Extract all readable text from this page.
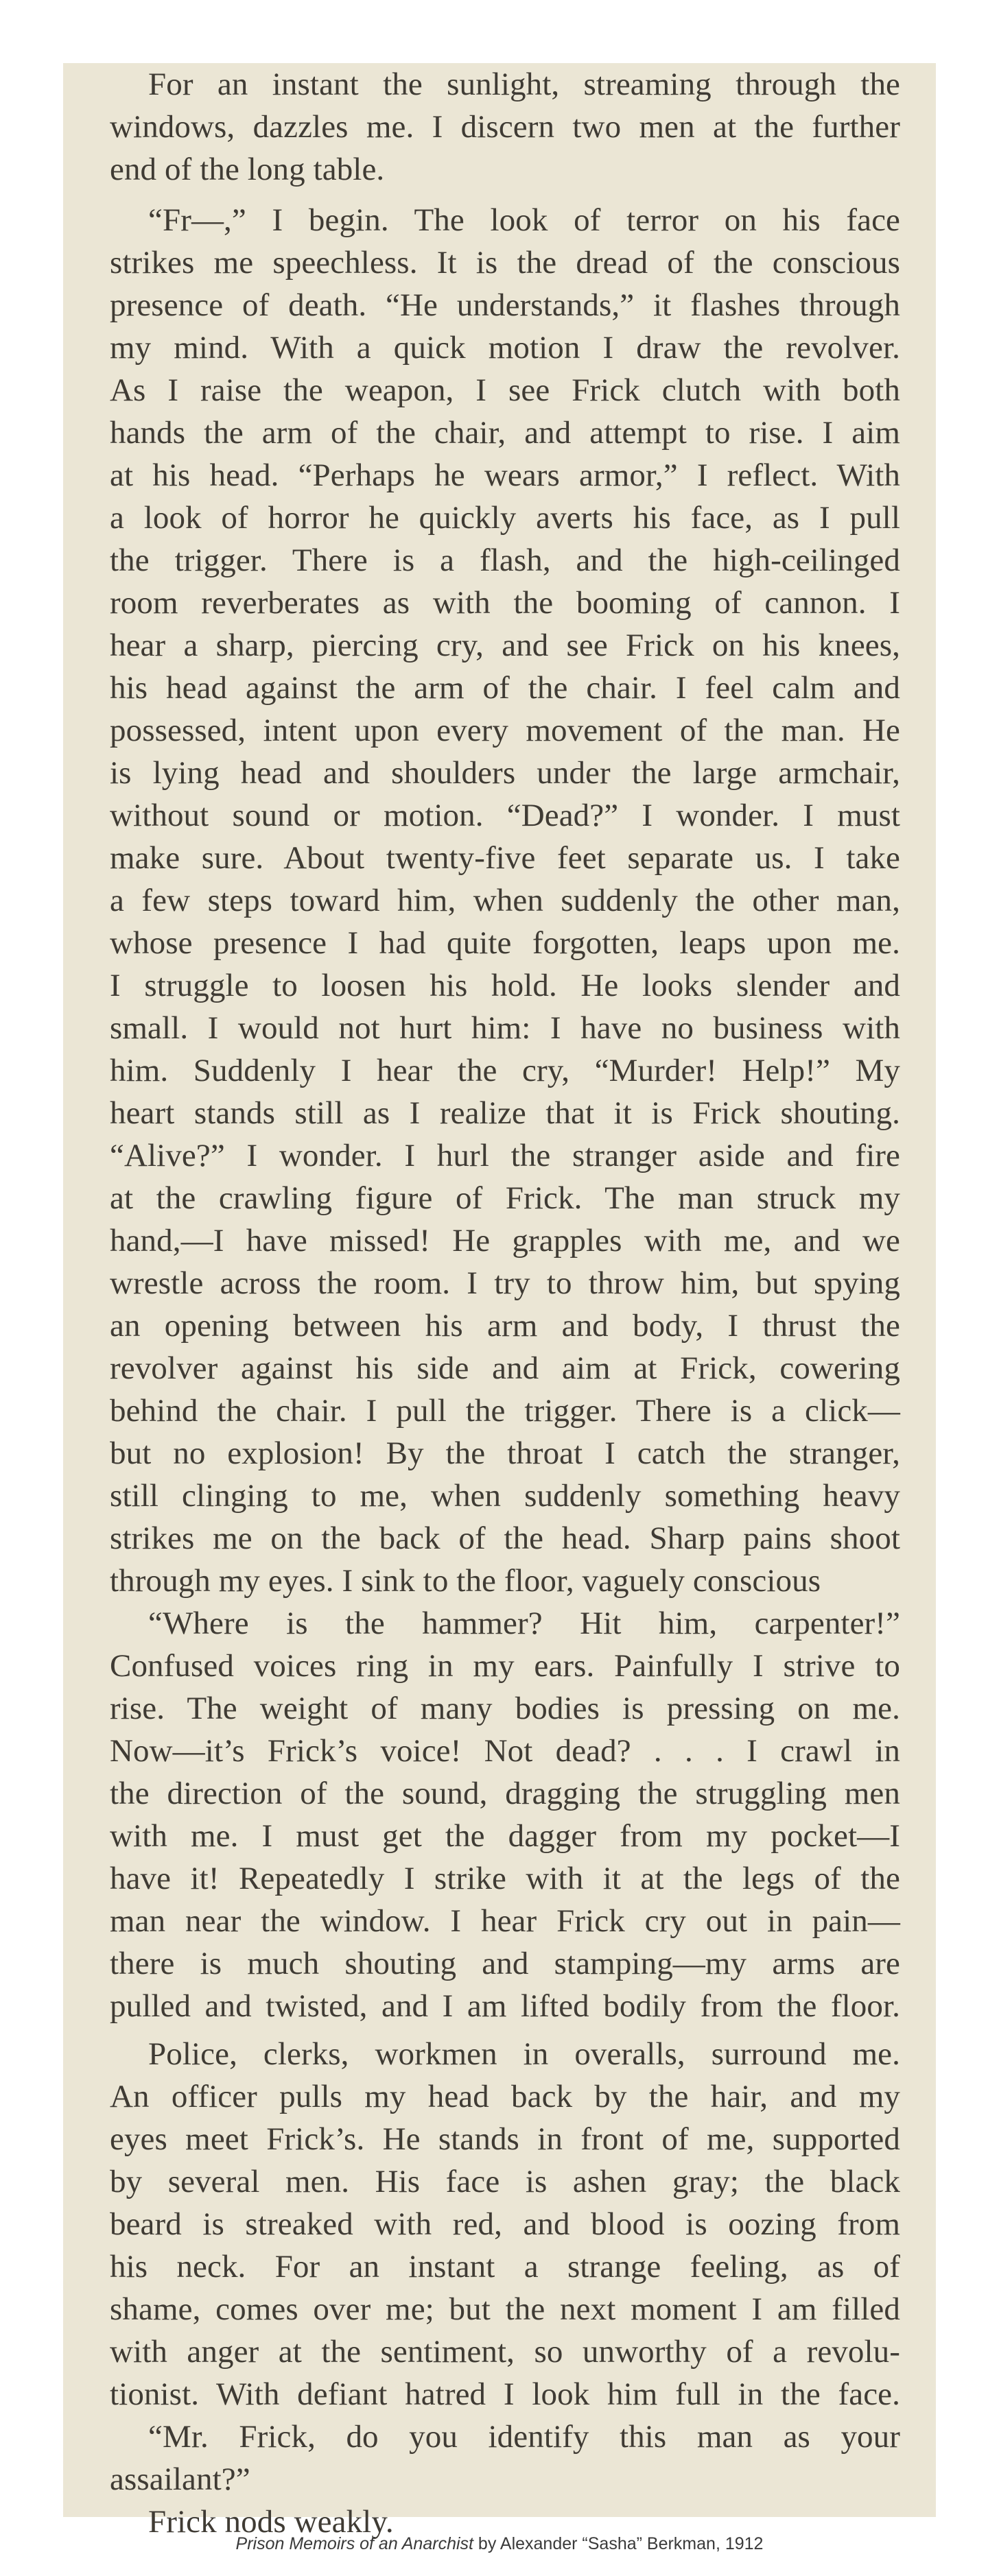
For an instant the sunlight, streaming through the
windows, dazzles me. I discern two men at the further
end of the long table.
“Fr—,” I begin. The look of terror on his face
strikes me speechless. It is the dread of the conscious
presence of death. “He understands,” it flashes through
my mind. With a quick motion I draw the revolver.
As I raise the weapon, I see Frick clutch with both
hands the arm of the chair, and attempt to rise. I aim
at his head. “Perhaps he wears armor,” I reflect. With
a look of horror he quickly averts his face, as I pull
the trigger. There is a flash, and the high-ceilinged
room reverberates as with the booming of cannon. I
hear a sharp, piercing cry, and see Frick on his knees,
his head against the arm of the chair. I feel calm and
possessed, intent upon every movement of the man. He
is lying head and shoulders under the large armchair,
without sound or motion. “Dead?” I wonder. I must
make sure. About twenty-five feet separate us. I take
a few steps toward him, when suddenly the other man,
whose presence I had quite forgotten, leaps upon me.
I struggle to loosen his hold. He looks slender and
small. I would not hurt him: I have no business with
him. Suddenly I hear the cry, “Murder! Help!” My
heart stands still as I realize that it is Frick shouting.
“Alive?” I wonder. I hurl the stranger aside and fire
at the crawling figure of Frick. The man struck my
hand,—I have missed! He grapples with me, and we
wrestle across the room. I try to throw him, but spying
an opening between his arm and body, I thrust the
revolver against his side and aim at Frick, cowering
behind the chair. I pull the trigger. There is a click—
but no explosion! By the throat I catch the stranger,
still clinging to me, when suddenly something heavy
strikes me on the back of the head. Sharp pains shoot
through my eyes. I sink to the floor, vaguely conscious
“Where is the hammer? Hit him, carpenter!”
Confused voices ring in my ears. Painfully I strive to
rise. The weight of many bodies is pressing on me.
Now—it’s Frick’s voice! Not dead? . . . I crawl in
the direction of the sound, dragging the struggling men
with me. I must get the dagger from my pocket—I
have it! Repeatedly I strike with it at the legs of the
man near the window. I hear Frick cry out in pain—
there is much shouting and stamping—my arms are
pulled and twisted, and I am lifted bodily from the floor.
Police, clerks, workmen in overalls, surround me.
An officer pulls my head back by the hair, and my
eyes meet Frick’s. He stands in front of me, supported
by several men. His face is ashen gray; the black
beard is streaked with red, and blood is oozing from
his neck. For an instant a strange feeling, as of
shame, comes over me; but the next moment I am filled
with anger at the sentiment, so unworthy of a revolu-
tionist. With defiant hatred I look him full in the face.
“Mr. Frick, do you identify this man as your
assailant?”
Frick nods weakly.
Prison Memoirs of an Anarchist by Alexander “Sasha” Berkman, 1912
